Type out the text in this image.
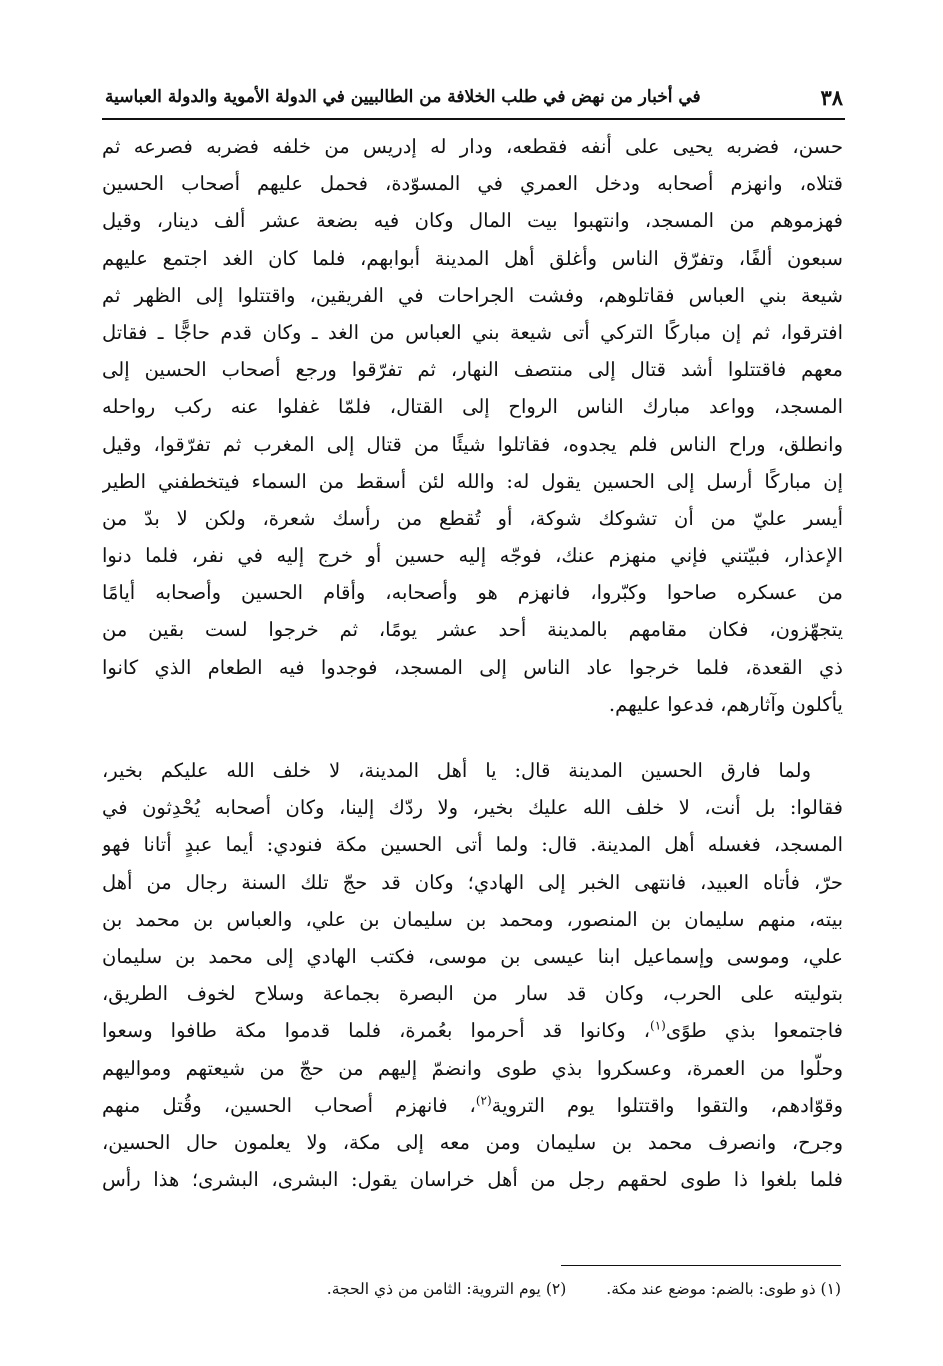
٣٨
في أخبار من نهض في طلب الخلافة من الطالبيين في الدولة الأموية والدولة العباسية
حسن، فضربه يحيى على أنفه فقطعه، ودار له إدريس من خلفه فضربه فصرعه ثم
قتلاه، وانهزم أصحابه ودخل العمري في المسوّدة، فحمل عليهم أصحاب الحسين
فهزموهم من المسجد، وانتهبوا بيت المال وكان فيه بضعة عشر ألف دينار، وقيل
سبعون ألفًا، وتفرّق الناس وأغلق أهل المدينة أبوابهم، فلما كان الغد اجتمع عليهم
شيعة بني العباس فقاتلوهم، وفشت الجراحات في الفريقين، واقتتلوا إلى الظهر ثم
افترقوا، ثم إن مباركًا التركي أتى شيعة بني العباس من الغد ـ وكان قدم حاجًّا ـ فقاتل
معهم فاقتتلوا أشد قتال إلى منتصف النهار، ثم تفرّقوا ورجع أصحاب الحسين إلى
المسجد، وواعد مبارك الناس الرواح إلى القتال، فلمّا غفلوا عنه ركب رواحله
وانطلق، وراح الناس فلم يجدوه، فقاتلوا شيئًا من قتال إلى المغرب ثم تفرّقوا، وقيل
إن مباركًا أرسل إلى الحسين يقول له: والله لئن أسقط من السماء فيتخطفني الطير
أيسر عليّ من أن تشوكك شوكة، أو تُقطع من رأسك شعرة، ولكن لا بدّ من
الإعذار، فبيّتني فإني منهزم عنك، فوجّه إليه حسين أو خرج إليه في نفر، فلما دنوا
من عسكره صاحوا وكبّروا، فانهزم هو وأصحابه، وأقام الحسين وأصحابه أيامًا
يتجهّزون، فكان مقامهم بالمدينة أحد عشر يومًا، ثم خرجوا لست بقين من
ذي القعدة، فلما خرجوا عاد الناس إلى المسجد، فوجدوا فيه الطعام الذي كانوا
يأكلون وآثارهم، فدعوا عليهم.
ولما فارق الحسين المدينة قال: يا أهل المدينة، لا خلف الله عليكم بخير،
فقالوا: بل أنت، لا خلف الله عليك بخير، ولا ردّك إلينا، وكان أصحابه يُحْدِثون في
المسجد، فغسله أهل المدينة. قال: ولما أتى الحسين مكة فنودي: أيما عبدٍ أتانا فهو
حرّ، فأتاه العبيد، فانتهى الخبر إلى الهادي؛ وكان قد حجّ تلك السنة رجال من أهل
بيته، منهم سليمان بن المنصور، ومحمد بن سليمان بن علي، والعباس بن محمد بن
علي، وموسى وإسماعيل ابنا عيسى بن موسى، فكتب الهادي إلى محمد بن سليمان
بتوليته على الحرب، وكان قد سار من البصرة بجماعة وسلاح لخوف الطريق،
فاجتمعوا بذي طوًى$^{(١)}$، وكانوا قد أحرموا بعُمرة، فلما قدموا مكة طافوا وسعوا
وحلّوا من العمرة، وعسكروا بذي طوى وانضمّ إليهم من حجّ من شيعتهم ومواليهم
وقوّادهم، والتقوا واقتتلوا يوم التروية$^{(٢)}$، فانهزم أصحاب الحسين، وقُتل منهم
وجرح، وانصرف محمد بن سليمان ومن معه إلى مكة، ولا يعلمون حال الحسين،
فلما بلغوا ذا طوى لحقهم رجل من أهل خراسان يقول: البشرى، البشرى؛ هذا رأس
(١) ذو طوى: بالضم: موضع عند مكة.
(٢) يوم التروية: الثامن من ذي الحجة.
